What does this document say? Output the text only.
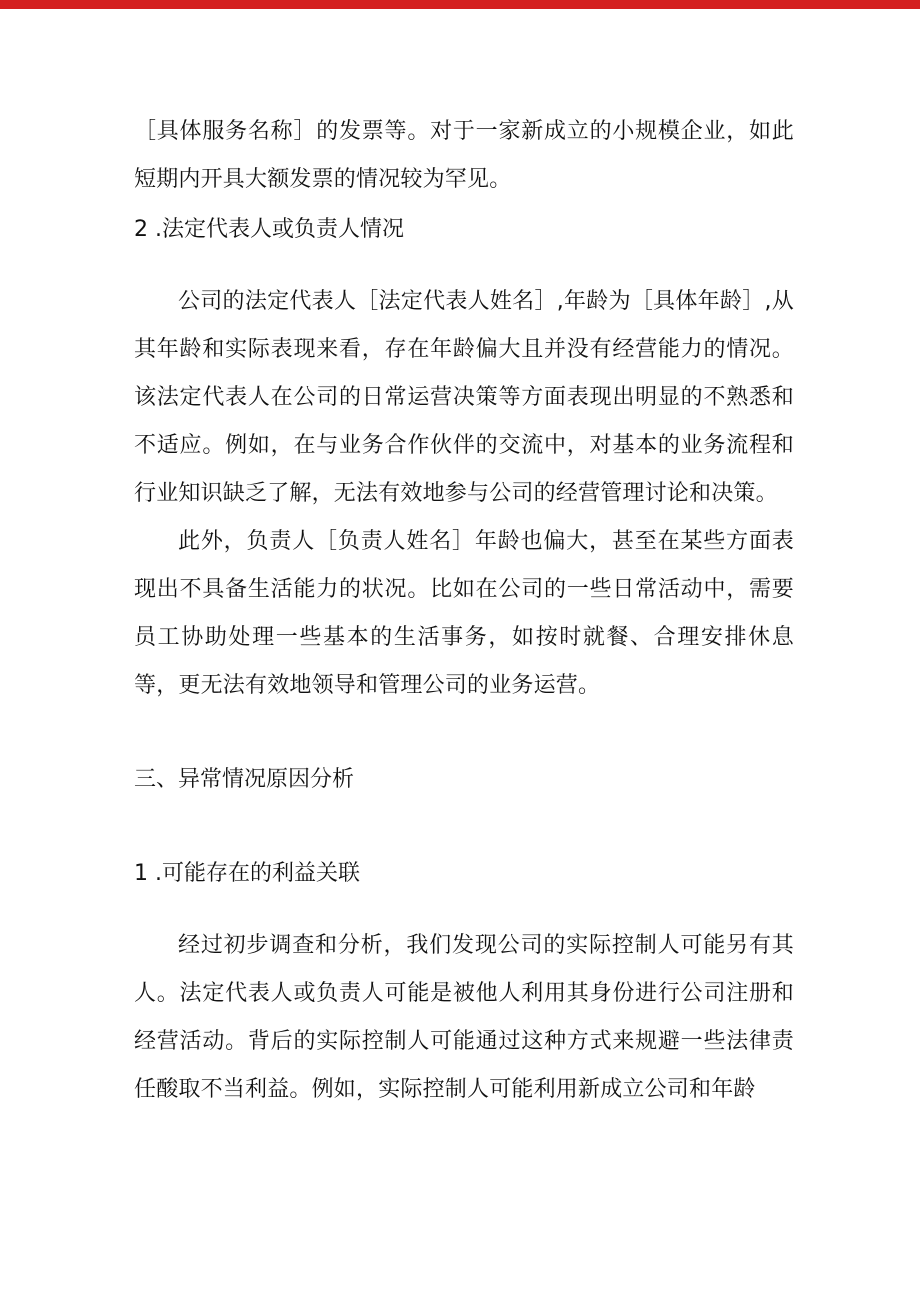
［具体服务名称］的发票等。对于一家新成立的小规模企业，如此短期内开具大额发票的情况较为罕见。

2 .法定代表人或负责人情况

公司的法定代表人［法定代表人姓名］,年龄为［具体年龄］,从其年龄和实际表现来看，存在年龄偏大且并没有经营能力的情况。该法定代表人在公司的日常运营决策等方面表现出明显的不熟悉和不适应。例如，在与业务合作伙伴的交流中，对基本的业务流程和行业知识缺乏了解，无法有效地参与公司的经营管理讨论和决策。

此外，负责人［负责人姓名］年龄也偏大，甚至在某些方面表现出不具备生活能力的状况。比如在公司的一些日常活动中，需要员工协助处理一些基本的生活事务，如按时就餐、合理安排休息等，更无法有效地领导和管理公司的业务运营。

三、异常情况原因分析

1 .可能存在的利益关联

经过初步调查和分析，我们发现公司的实际控制人可能另有其人。法定代表人或负责人可能是被他人利用其身份进行公司注册和经营活动。背后的实际控制人可能通过这种方式来规避一些法律责任酸取不当利益。例如，实际控制人可能利用新成立公司和年龄
